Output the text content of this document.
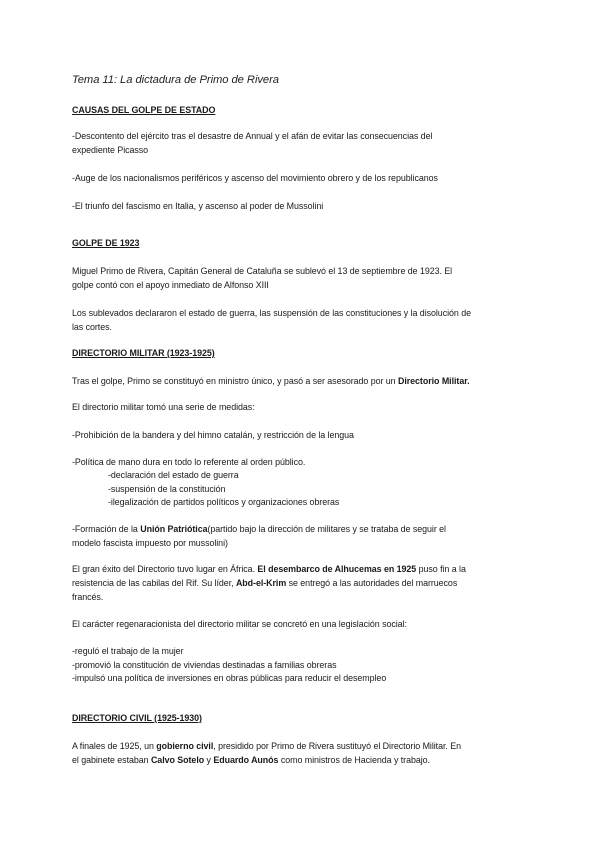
Tema 11: La dictadura de Primo de Rivera
CAUSAS DEL GOLPE DE ESTADO
-Descontento del ejército tras el desastre de Annual y el afán de evitar las consecuencias del
expediente Picasso
-Auge de los nacionalismos periféricos y ascenso del movimiento obrero y de los republicanos
-El triunfo del fascismo en Italia, y ascenso al poder de Mussolini
GOLPE DE 1923
Miguel Primo de Rivera, Capitán General de Cataluña se sublevó el 13 de septiembre de 1923. El
golpe contó con el apoyo inmediato de Alfonso XIII
Los sublevados declararon el estado de guerra, las suspensión de las constituciones y la disolución de
las cortes.
DIRECTORIO MILITAR (1923-1925)
Tras el golpe, Primo se constituyó en ministro único, y pasó a ser asesorado por un Directorio Militar.
El directorio militar tomó una serie de medidas:
-Prohibición de la bandera y del himno catalán, y restricción de la lengua
-Política de mano dura en todo lo referente al orden público.
-declaración del estado de guerra
-suspensión de la constitución
-ilegalización de partidos políticos y organizaciones obreras
-Formación de la Unión Patriótica(partido bajo la dirección de militares y se trataba de seguir el
modelo fascista impuesto por mussolini)
El gran éxito del Directorio tuvo lugar en África. El desembarco de Alhucemas en 1925 puso fin a la
resistencia de las cabilas del Rif. Su líder, Abd-el-Krim se entregó a las autoridades del marruecos
francés.
El carácter regenaracionista del directorio militar se concretó en una legislación social:
-reguló el trabajo de la mujer
-promovió la constitución de viviendas destinadas a familias obreras
-impulsó una política de inversiones en obras públicas para reducir el desempleo
DIRECTORIO CIVIL (1925-1930)
A finales de 1925, un gobierno civil, presidido por Primo de Rivera sustituyó el Directorio Militar. En
el gabinete estaban Calvo Sotelo y Eduardo Aunós como ministros de Hacienda y trabajo.
